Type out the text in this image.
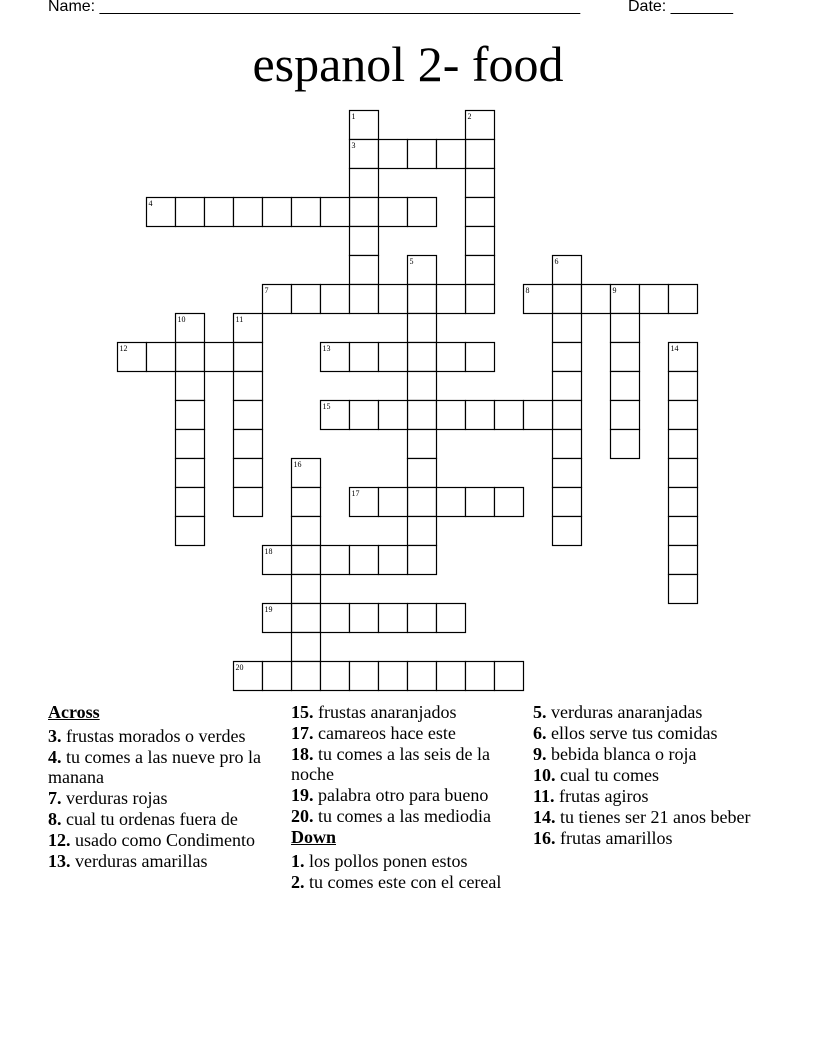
Name: ______________________________________________________	Date: _______
espanol 2- food
1	2
3
4
5	6
7	8	9
10	11
12	13	14
15
16
17
18
19
20
Across
3. frustas morados o verdes
4. tu comes a las nueve pro la manana
7. verduras rojas
8. cual tu ordenas fuera de
12. usado como Condimento
13. verduras amarillas
15. frustas anaranjados
17. camareos hace este
18. tu comes a las seis de la noche
19. palabra otro para bueno
20. tu comes a las mediodia
Down
1. los pollos ponen estos
2. tu comes este con el cereal
5. verduras anaranjadas
6. ellos serve tus comidas
9. bebida blanca o roja
10. cual tu comes
11. frutas agiros
14. tu tienes ser 21 anos beber
16. frutas amarillos
